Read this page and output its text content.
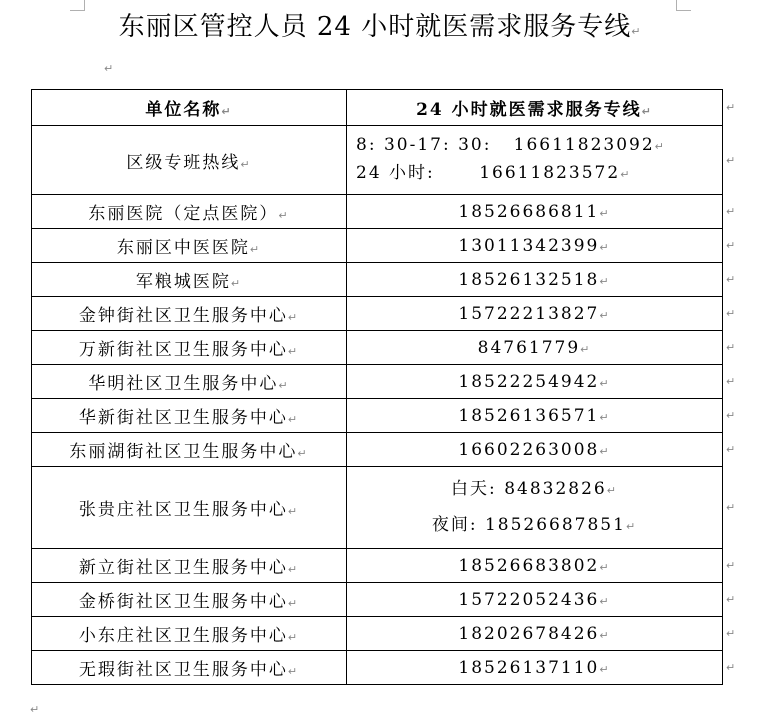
东丽区管控人员 24 小时就医需求服务专线↵
↵
单位名称↵	24 小时就医需求服务专线↵
区级专班热线↵	8: 30-17: 30: 16611823092↵
24 小时: 16611823572↵

东丽医院（定点医院）↵	18526686811↵
东丽区中医医院↵	13011342399↵
军粮城医院↵	18526132518↵
金钟街社区卫生服务中心↵	15722213827↵
万新街社区卫生服务中心↵	84761779↵
华明社区卫生服务中心↵	18522254942↵
华新街社区卫生服务中心↵	18526136571↵
东丽湖街社区卫生服务中心↵	16602263008↵
张贵庄社区卫生服务中心↵	白天: 84832826↵
夜间: 18526687851↵

新立街社区卫生服务中心↵	18526683802↵
金桥街社区卫生服务中心↵	15722052436↵
小东庄社区卫生服务中心↵	18202678426↵
无瑕街社区卫生服务中心↵	18526137110↵
↵
↵
↵
↵
↵
↵
↵
↵
↵
↵
↵
↵
↵
↵
↵
↵
